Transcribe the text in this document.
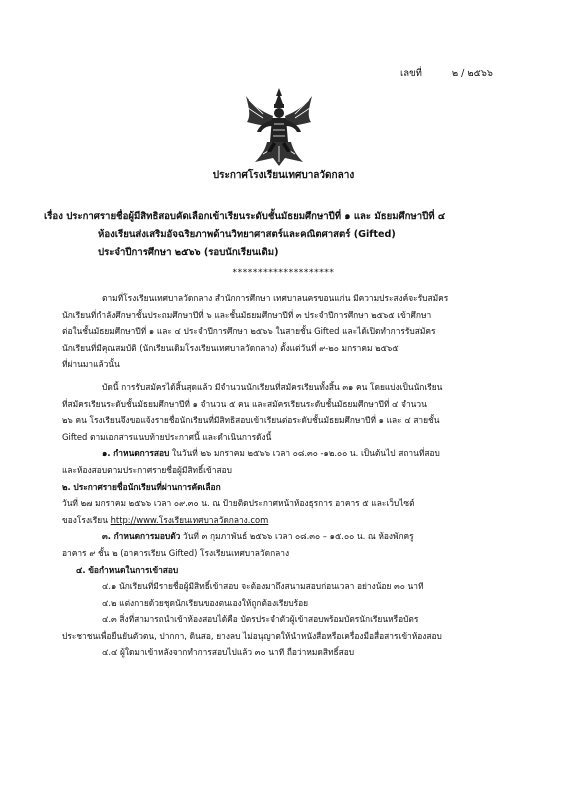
เลขที่	๒ / ๒๕๖๖
ประกาศโรงเรียนเทศบาลวัดกลาง
เรื่อง ประกาศรายชื่อผู้มีสิทธิสอบคัดเลือกเข้าเรียนระดับชั้นมัธยมศึกษาปีที่ ๑ และ มัธยมศึกษาปีที่ ๔
ห้องเรียนส่งเสริมอัจฉริยภาพด้านวิทยาศาสตร์และคณิตศาสตร์ (Gifted)
ประจำปีการศึกษา ๒๕๖๖ (รอบนักเรียนเดิม)
********************

ตามที่โรงเรียนเทศบาลวัดกลาง สำนักการศึกษา เทศบาลนครขอนแก่น มีความประสงค์จะรับสมัคร
นักเรียนที่กำลังศึกษาชั้นประถมศึกษาปีที่ ๖ และชั้นมัธยมศึกษาปีที่ ๓ ประจำปีการศึกษา ๒๕๖๕ เข้าศึกษา
ต่อในชั้นมัธยมศึกษาปีที่ ๑ และ ๔ ประจำปีการศึกษา ๒๕๖๖ ในสายชั้น Gifted และได้เปิดทำการรับสมัคร
นักเรียนที่มีคุณสมบัติ (นักเรียนเดิมโรงเรียนเทศบาลวัดกลาง) ตั้งแต่วันที่ ๙-๒๐ มกราคม ๒๕๖๕
ที่ผ่านมาแล้วนั้น

บัดนี้ การรับสมัครได้สิ้นสุดแล้ว มีจำนวนนักเรียนที่สมัครเรียนทั้งสิ้น ๓๑ คน โดยแบ่งเป็นนักเรียน
ที่สมัครเรียนระดับชั้นมัธยมศึกษาปีที่ ๑ จำนวน ๕ คน และสมัครเรียนระดับชั้นมัธยมศึกษาปีที่ ๔ จำนวน
๒๖ คน โรงเรียนจึงขอแจ้งรายชื่อนักเรียนที่มีสิทธิสอบเข้าเรียนต่อระดับชั้นมัธยมศึกษาปีที่ ๑ และ ๔ สายชั้น
Gifted ตามเอกสารแนบท้ายประกาศนี้ และดำเนินการดังนี้

๑. กำหนดการสอบ ในวันที่ ๒๖ มกราคม ๒๕๖๖ เวลา ๐๘.๓๐ -๑๒.๐๐ น. เป็นต้นไป สถานที่สอบ
และห้องสอบตามประกาศรายชื่อผู้มีสิทธิ์เข้าสอบ

๒. ประกาศรายชื่อนักเรียนที่ผ่านการคัดเลือก
วันที่ ๒๗ มกราคม ๒๕๖๖ เวลา ๐๙.๓๐ น. ณ ป้ายติดประกาศหน้าห้องธุรการ อาคาร ๕ และเว็บไซต์
ของโรงเรียน http://www.โรงเรียนเทศบาลวัดกลาง.com

๓. กำหนดการมอบตัว วันที่ ๓ กุมภาพันธ์ ๒๕๖๖ เวลา ๐๘.๓๐ – ๑๕.๐๐ น. ณ ห้องพักครู
อาคาร ๙ ชั้น ๒ (อาคารเรียน Gifted) โรงเรียนเทศบาลวัดกลาง

๔. ข้อกำหนดในการเข้าสอบ
๔.๑ นักเรียนที่มีรายชื่อผู้มีสิทธิ์เข้าสอบ จะต้องมาถึงสนามสอบก่อนเวลา อย่างน้อย ๓๐ นาที
๔.๒ แต่งกายด้วยชุดนักเรียนของตนเองให้ถูกต้องเรียบร้อย
๔.๓ สิ่งที่สามารถนำเข้าห้องสอบได้คือ บัตรประจำตัวผู้เข้าสอบพร้อมบัตรนักเรียนหรือบัตร
ประชาชนเพื่อยืนยันตัวตน, ปากกา, ดินสอ, ยางลบ ไม่อนุญาตให้นำหนังสือหรือเครื่องมือสื่อสารเข้าห้องสอบ
๔.๔ ผู้ใดมาเข้าหลังจากทำการสอบไปแล้ว ๓๐ นาที ถือว่าหมดสิทธิ์สอบ
